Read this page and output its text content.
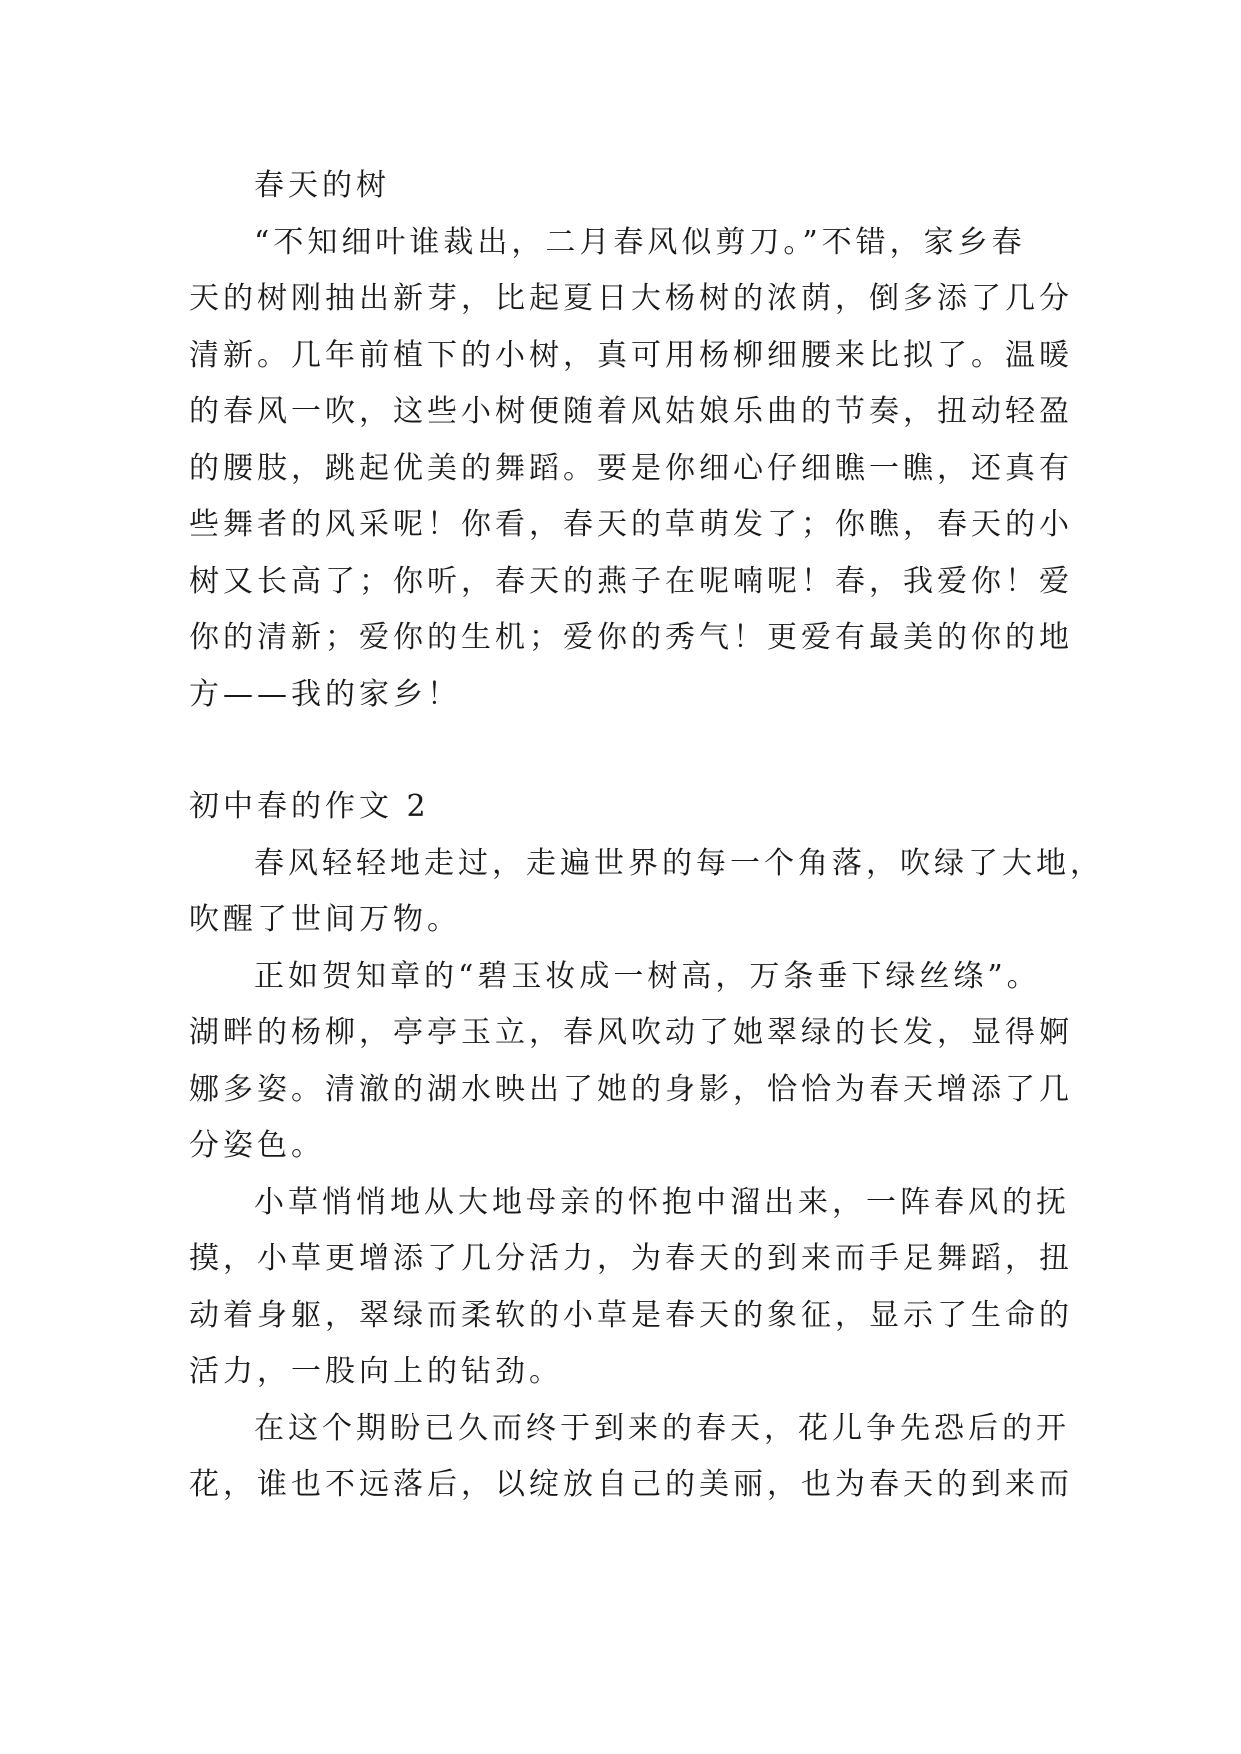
春天的树

“不知细叶谁裁出，二月春风似剪刀。”不错，家乡春

天的树刚抽出新芽，比起夏日大杨树的浓荫，倒多添了几分

清新。几年前植下的小树，真可用杨柳细腰来比拟了。温暖

的春风一吹，这些小树便随着风姑娘乐曲的节奏，扭动轻盈

的腰肢，跳起优美的舞蹈。要是你细心仔细瞧一瞧，还真有

些舞者的风采呢！你看，春天的草萌发了；你瞧，春天的小

树又长高了；你听，春天的燕子在呢喃呢！春，我爱你！爱

你的清新；爱你的生机；爱你的秀气！更爱有最美的你的地

方——我的家乡！

初中春的作文 2

春风轻轻地走过，走遍世界的每一个角落，吹绿了大地，

吹醒了世间万物。

正如贺知章的“碧玉妆成一树高，万条垂下绿丝绦”。

湖畔的杨柳，亭亭玉立，春风吹动了她翠绿的长发，显得婀

娜多姿。清澈的湖水映出了她的身影，恰恰为春天增添了几

分姿色。

小草悄悄地从大地母亲的怀抱中溜出来，一阵春风的抚

摸，小草更增添了几分活力，为春天的到来而手足舞蹈，扭

动着身躯，翠绿而柔软的小草是春天的象征，显示了生命的

活力，一股向上的钻劲。

在这个期盼已久而终于到来的春天，花儿争先恐后的开

花，谁也不远落后，以绽放自己的美丽，也为春天的到来而
